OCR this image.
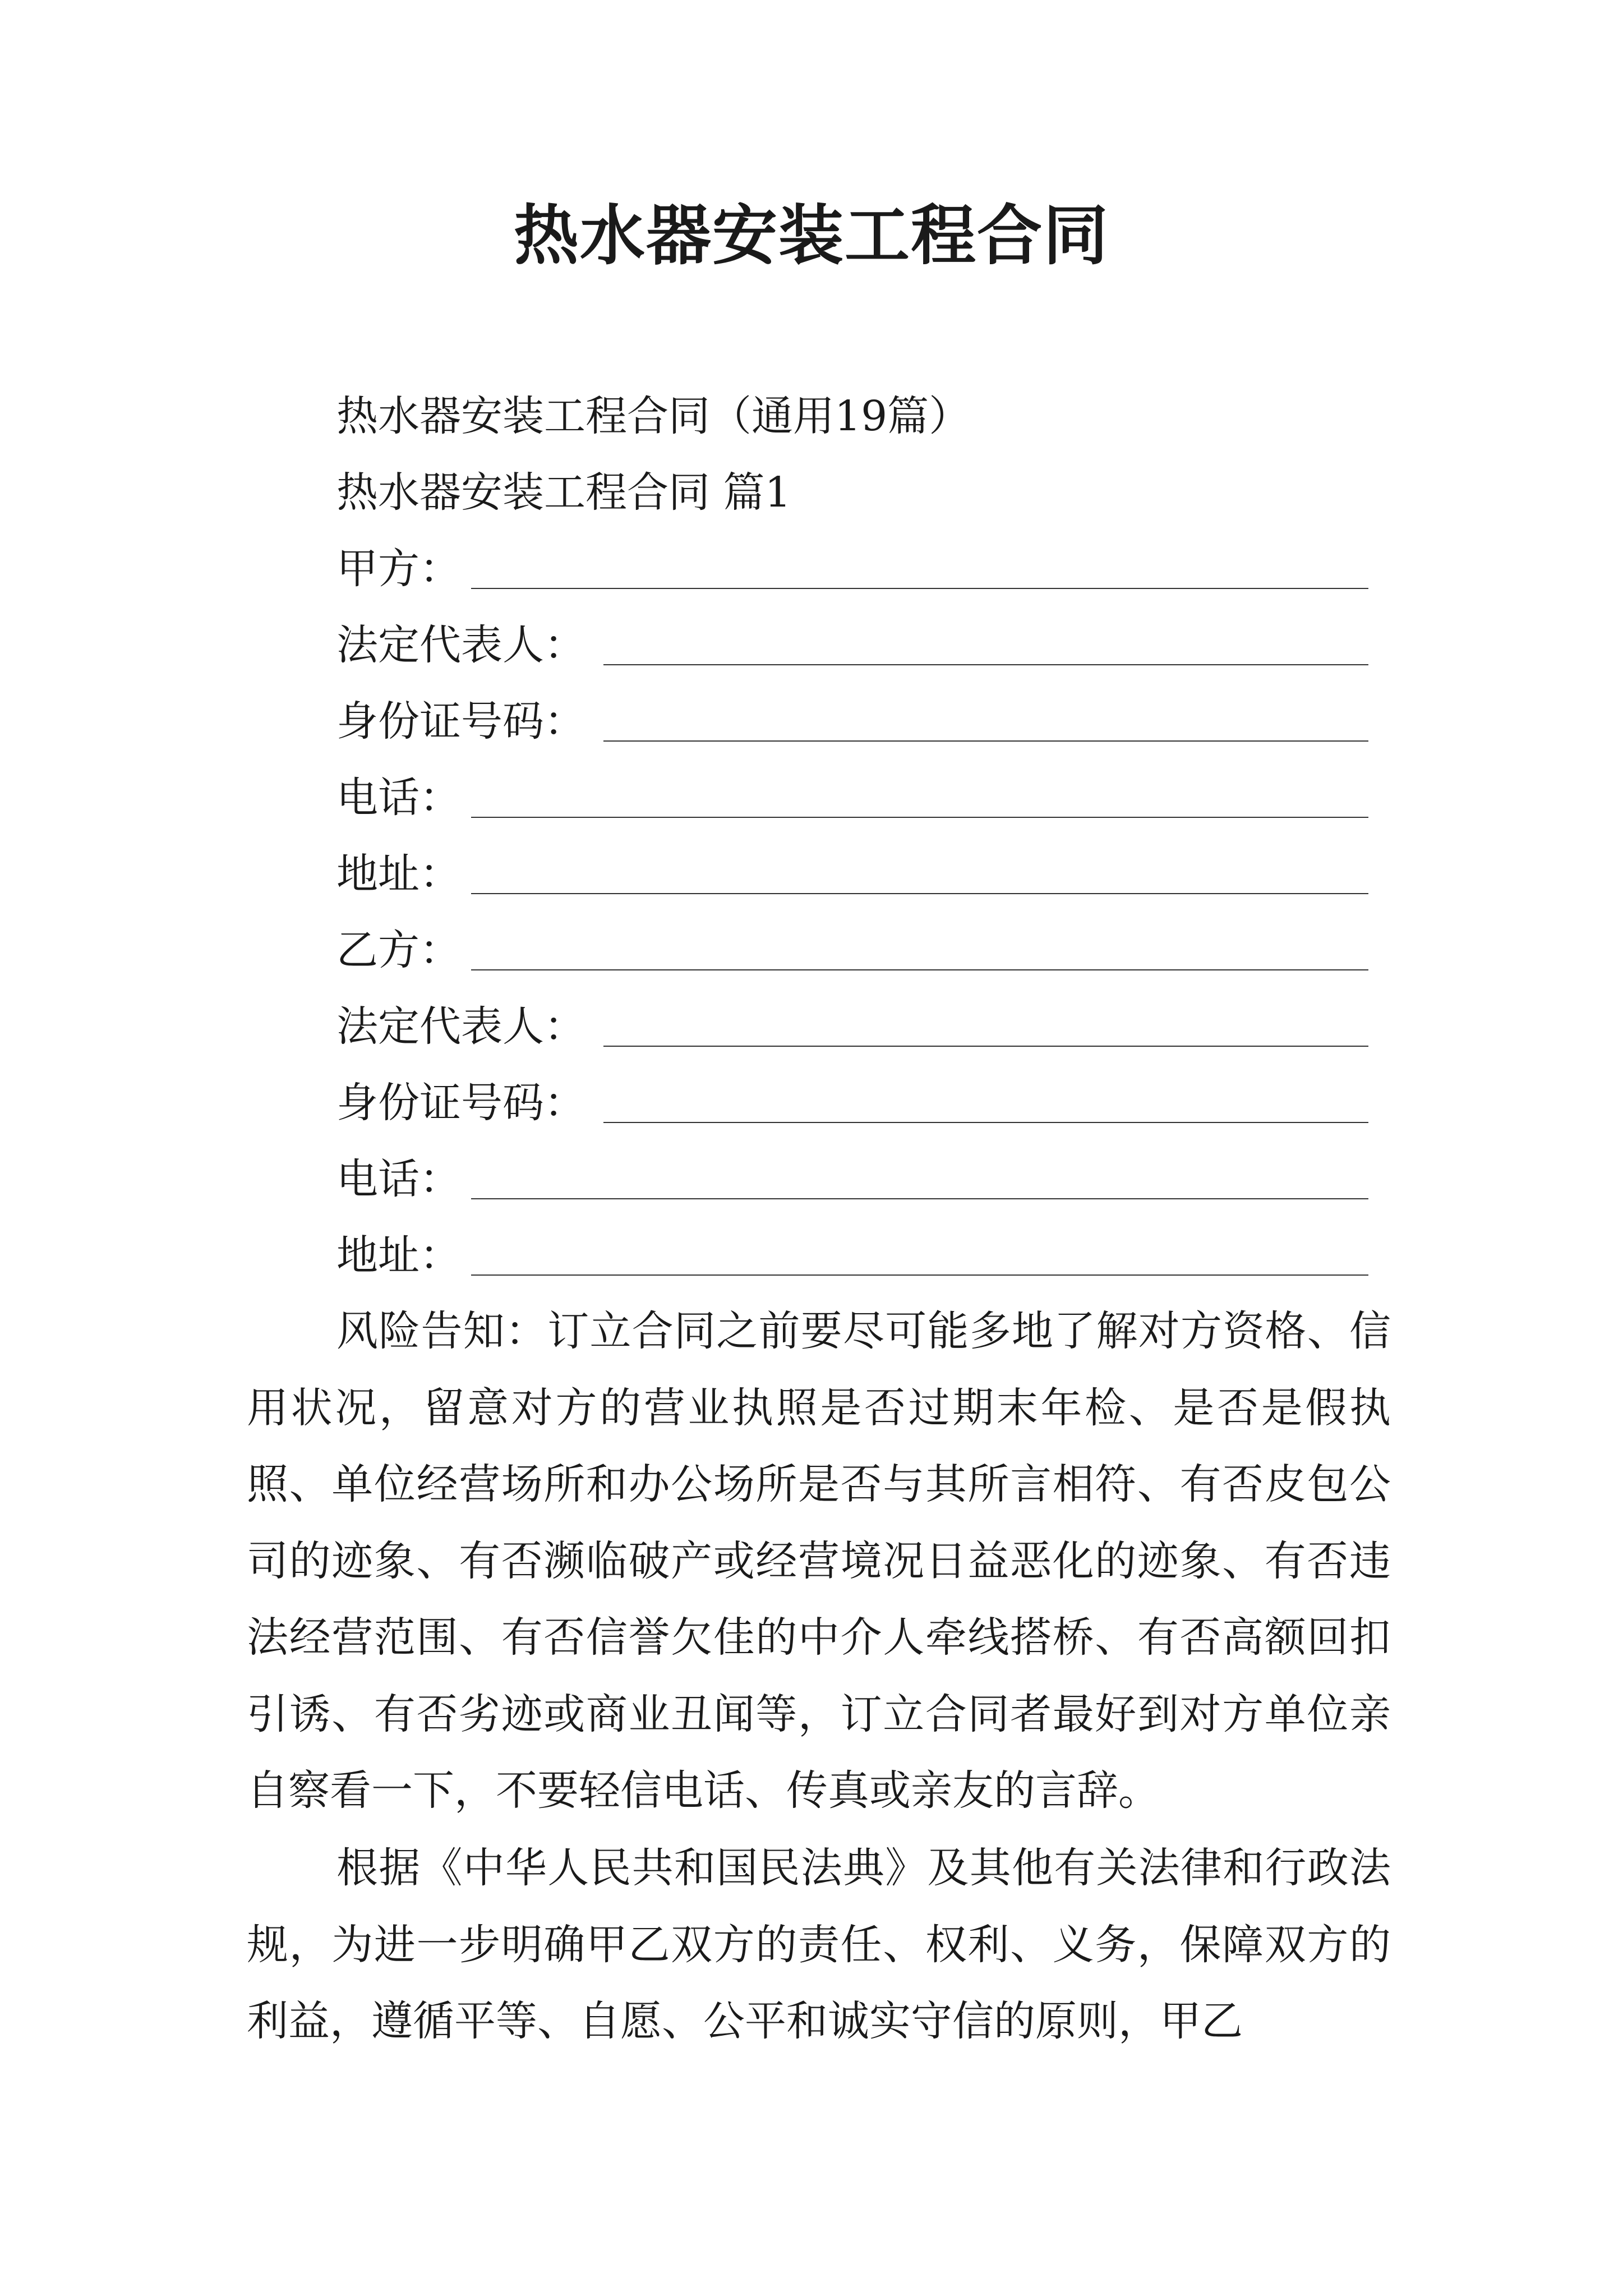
热水器安装工程合同
热水器安装工程合同（通用19篇）
热水器安装工程合同 篇1
甲方：
法定代表人：
身份证号码：
电话：
地址：
乙方：
法定代表人：
身份证号码：
电话：
地址：
风险告知：订立合同之前要尽可能多地了解对方资格、信用状况，留意对方的营业执照是否过期末年检、是否是假执照、单位经营场所和办公场所是否与其所言相符、有否皮包公司的迹象、有否濒临破产或经营境况日益恶化的迹象、有否违法经营范围、有否信誉欠佳的中介人牵线搭桥、有否高额回扣引诱、有否劣迹或商业丑闻等，订立合同者最好到对方单位亲自察看一下，不要轻信电话、传真或亲友的言辞。
根据《中华人民共和国民法典》及其他有关法律和行政法规，为进一步明确甲乙双方的责任、权利、义务，保障双方的利益，遵循平等、自愿、公平和诚实守信的原则，甲乙
